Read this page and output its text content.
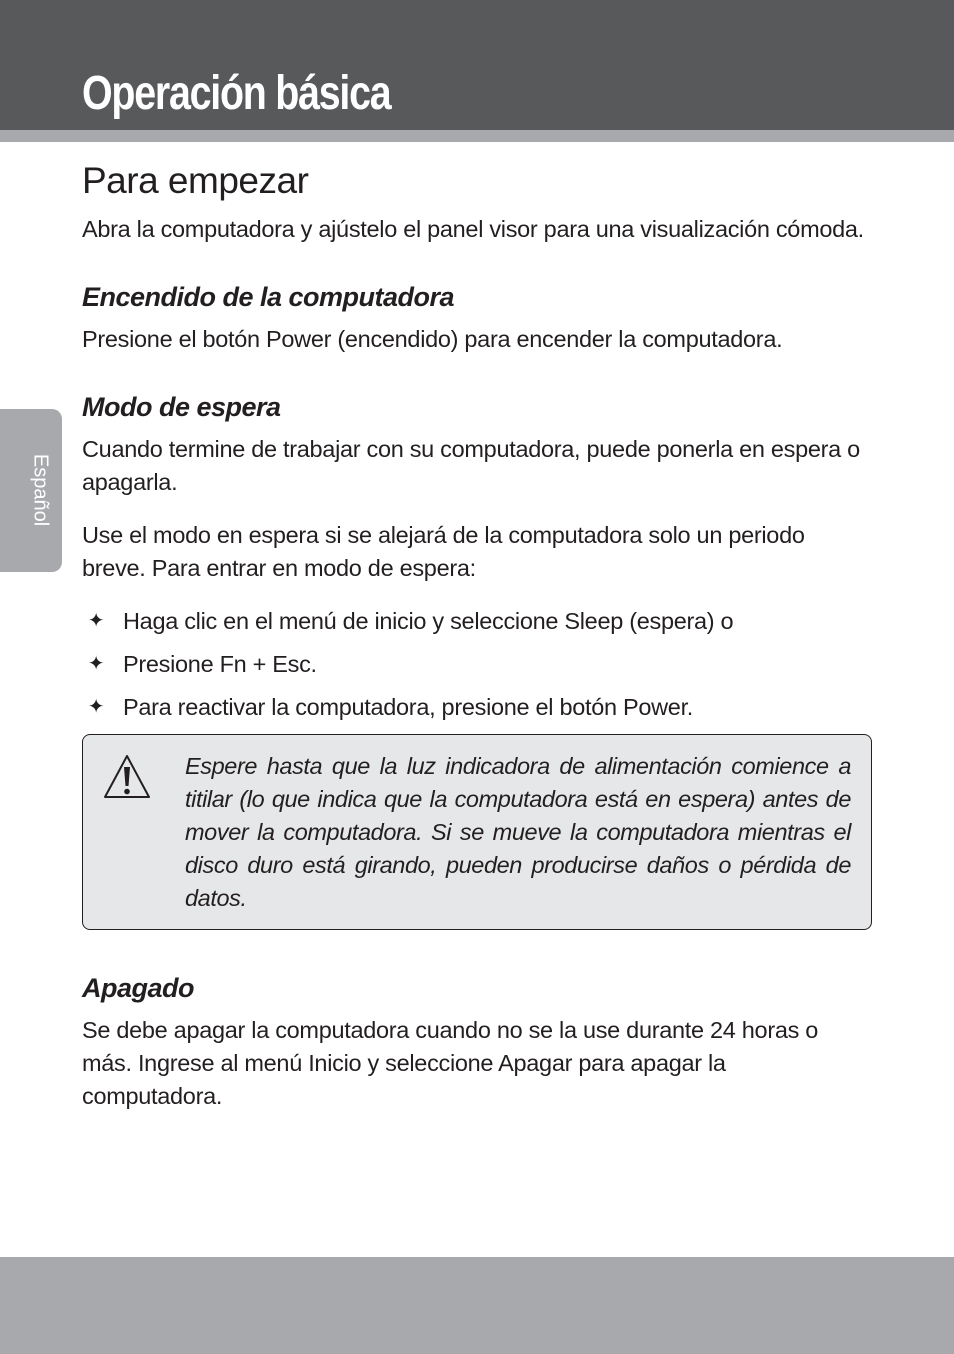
Operación básica
Español
Para empezar

Abra la computadora y ajústelo el panel visor para una visualización cómoda.

Encendido de la computadora

Presione el botón Power (encendido) para encender la computadora.

Modo de espera

Cuando termine de trabajar con su computadora, puede ponerla en espera o apagarla.

Use el modo en espera si se alejará de la computadora solo un periodo breve. Para entrar en modo de espera:

✦ Haga clic en el menú de inicio y seleccione Sleep (espera) o
✦ Presione Fn + Esc.
✦ Para reactivar la computadora, presione el botón Power.

Espere hasta que la luz indicadora de alimentación comience a titilar (lo que indica que la computadora está en espera) antes de mover la computadora. Si se mueve la computadora mientras el disco duro está girando, pueden producirse daños o pérdida de datos.

Apagado

Se debe apagar la computadora cuando no se la use durante 24 horas o más. Ingrese al menú Inicio y seleccione Apagar para apagar la computadora.
